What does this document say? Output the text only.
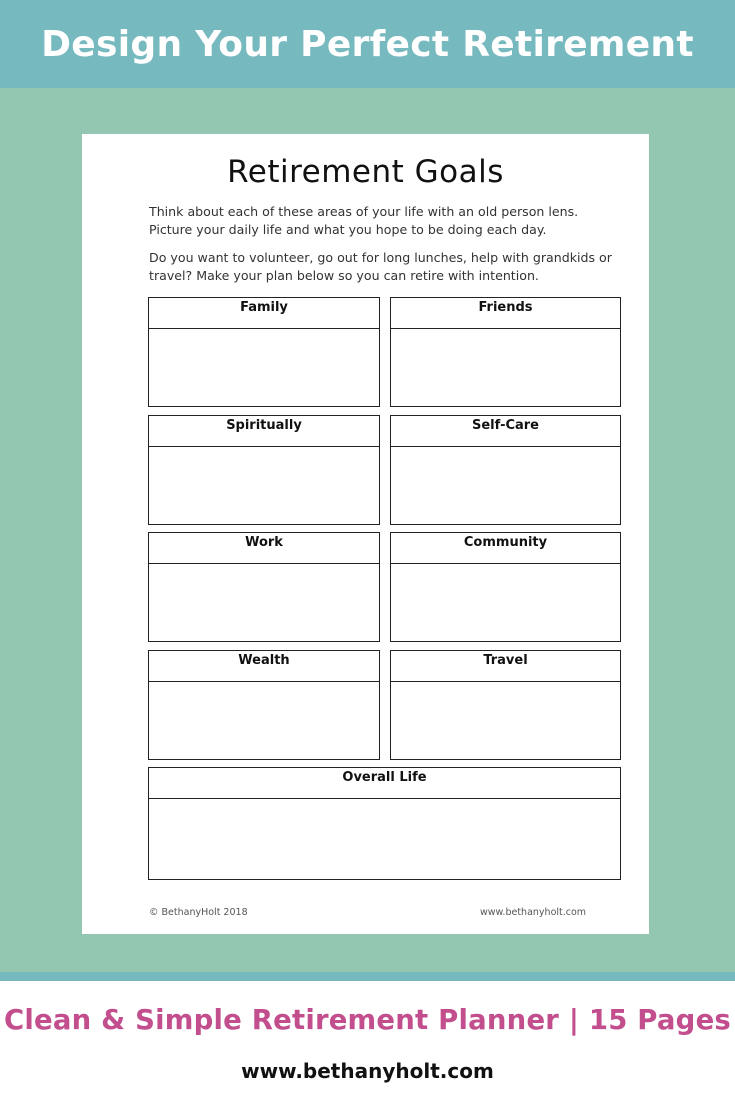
Design Your Perfect Retirement
Retirement Goals

Think about each of these areas of your life with an old person lens. Picture your daily life and what you hope to be doing each day.

Do you want to volunteer, go out for long lunches, help with grandkids or travel? Make your plan below so you can retire with intention.

Family	Friends
Spiritually	Self-Care
Work	Community
Wealth	Travel
Overall Life
© BethanyHolt 2018	www.bethanyholt.com
Clean & Simple Retirement Planner | 15 Pages
www.bethanyholt.com
